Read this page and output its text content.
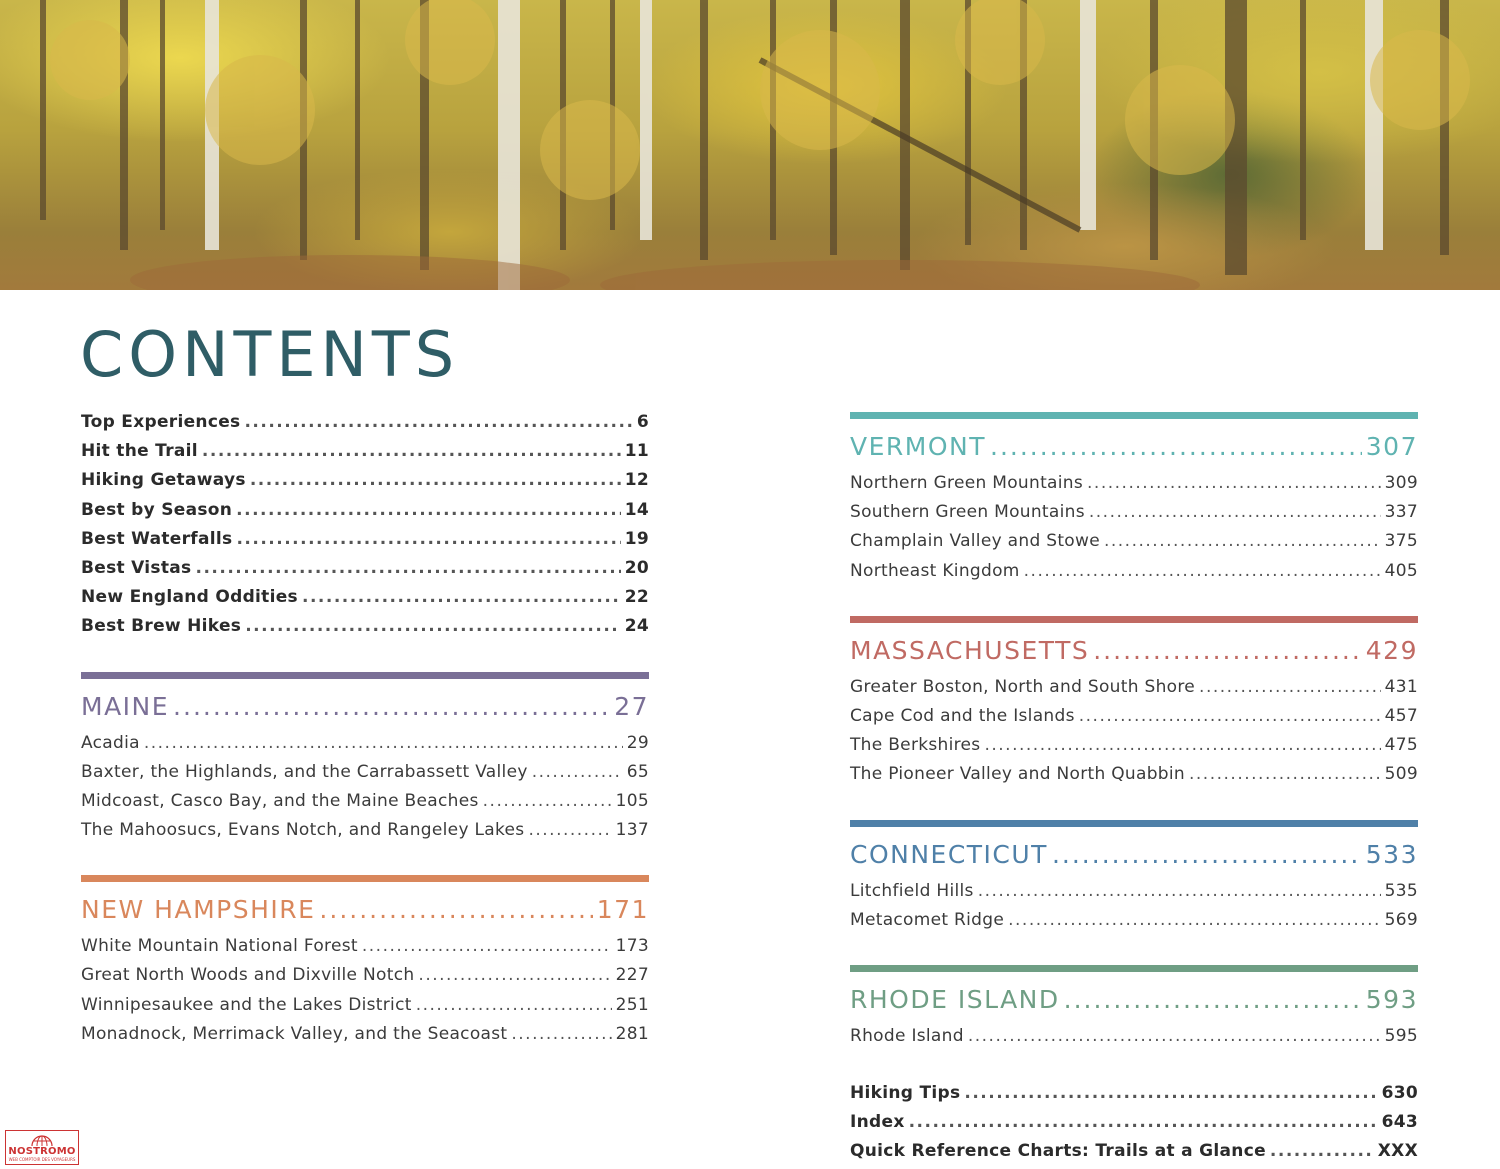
CONTENTS
Top Experiences .....	6
Hit the Trail .....	11
Hiking Getaways .....	12
Best by Season .....	14
Best Waterfalls .....	19
Best Vistas .....	20
New England Oddities .....	22
Best Brew Hikes .....	24
MAINE .....	27
Acadia .....	29
Baxter, the Highlands, and the Carrabassett Valley .....	65
Midcoast, Casco Bay, and the Maine Beaches .....	105
The Mahoosucs, Evans Notch, and Rangeley Lakes .....	137
NEW HAMPSHIRE .....	171
White Mountain National Forest .....	173
Great North Woods and Dixville Notch .....	227
Winnipesaukee and the Lakes District .....	251
Monadnock, Merrimack Valley, and the Seacoast .....	281
VERMONT .....	307
Northern Green Mountains .....	309
Southern Green Mountains .....	337
Champlain Valley and Stowe .....	375
Northeast Kingdom .....	405
MASSACHUSETTS .....	429
Greater Boston, North and South Shore .....	431
Cape Cod and the Islands .....	457
The Berkshires .....	475
The Pioneer Valley and North Quabbin .....	509
CONNECTICUT .....	533
Litchfield Hills .....	535
Metacomet Ridge .....	569
RHODE ISLAND .....	593
Rhode Island .....	595
Hiking Tips .....	630
Index .....	643
Quick Reference Charts: Trails at a Glance .....	XXX
NOSTROMO
WEB COMPTOIR DES VOYAGEURS
